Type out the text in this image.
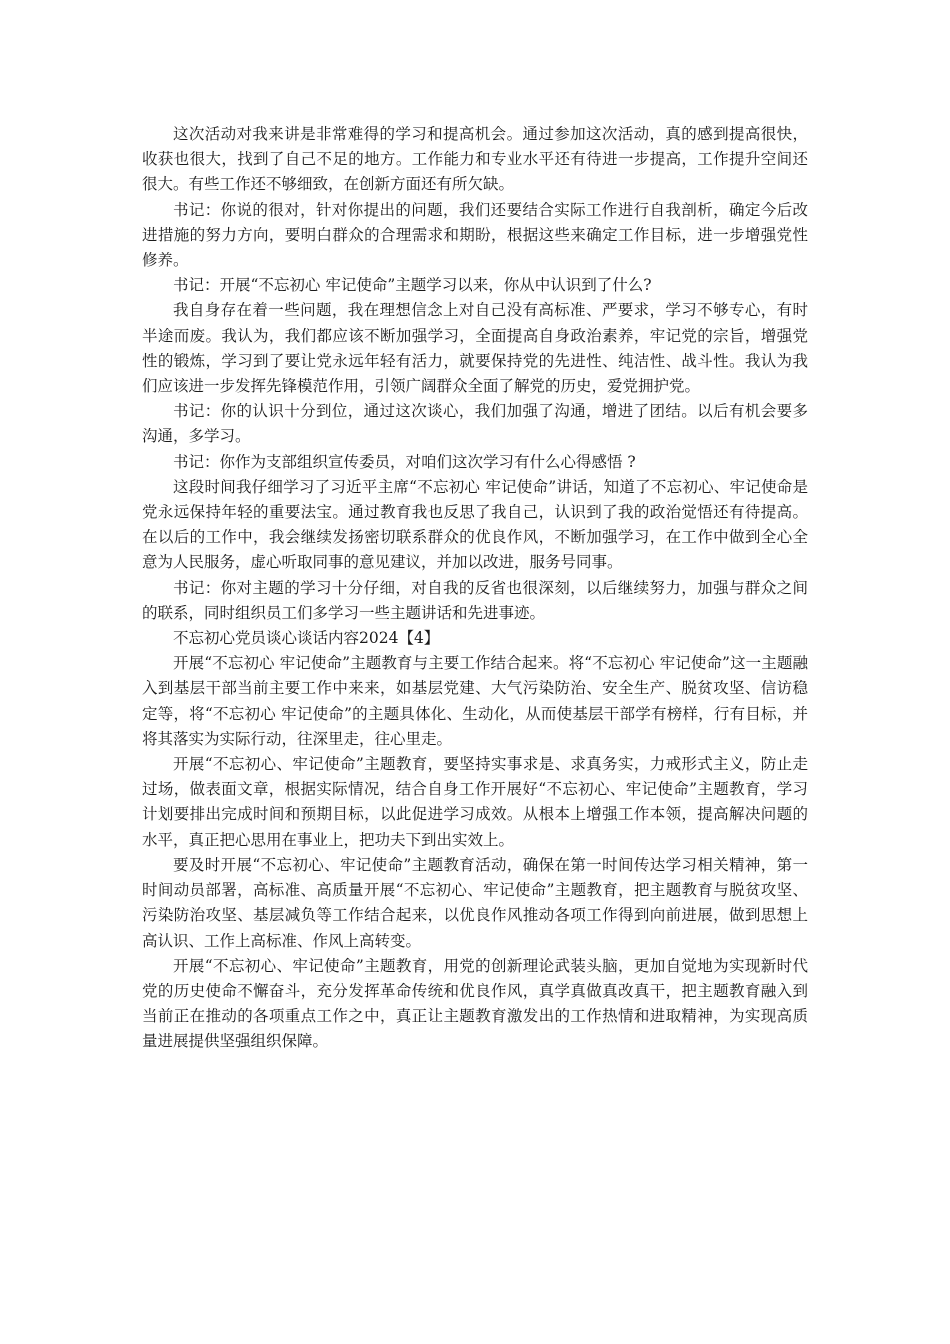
这次活动对我来讲是非常难得的学习和提高机会。通过参加这次活动，真的感到提高很快，收获也很大，找到了自己不足的地方。工作能力和专业水平还有待进一步提高，工作提升空间还很大。有些工作还不够细致，在创新方面还有所欠缺。

书记：你说的很对，针对你提出的问题，我们还要结合实际工作进行自我剖析，确定今后改进措施的努力方向，要明白群众的合理需求和期盼，根据这些来确定工作目标，进一步增强党性修养。

书记：开展“不忘初心 牢记使命”主题学习以来，你从中认识到了什么?

我自身存在着一些问题，我在理想信念上对自己没有高标准、严要求，学习不够专心，有时半途而废。我认为，我们都应该不断加强学习，全面提高自身政治素养，牢记党的宗旨，增强党性的锻炼，学习到了要让党永远年轻有活力，就要保持党的先进性、纯洁性、战斗性。我认为我们应该进一步发挥先锋模范作用，引领广阔群众全面了解党的历史，爱党拥护党。

书记：你的认识十分到位，通过这次谈心，我们加强了沟通，增进了团结。以后有机会要多沟通，多学习。

书记：你作为支部组织宣传委员，对咱们这次学习有什么心得感悟 ?

这段时间我仔细学习了习近平主席“不忘初心 牢记使命”讲话，知道了不忘初心、牢记使命是党永远保持年轻的重要法宝。通过教育我也反思了我自己，认识到了我的政治觉悟还有待提高。在以后的工作中，我会继续发扬密切联系群众的优良作风，不断加强学习，在工作中做到全心全意为人民服务，虚心听取同事的意见建议，并加以改进，服务号同事。

书记：你对主题的学习十分仔细，对自我的反省也很深刻，以后继续努力，加强与群众之间的联系，同时组织员工们多学习一些主题讲话和先进事迹。

不忘初心党员谈心谈话内容2024【4】

开展“不忘初心 牢记使命”主题教育与主要工作结合起来。将“不忘初心 牢记使命”这一主题融入到基层干部当前主要工作中来来，如基层党建、大气污染防治、安全生产、脱贫攻坚、信访稳定等，将“不忘初心 牢记使命”的主题具体化、生动化，从而使基层干部学有榜样，行有目标，并将其落实为实际行动，往深里走，往心里走。

开展“不忘初心、牢记使命”主题教育，要坚持实事求是、求真务实，力戒形式主义，防止走过场，做表面文章，根据实际情况，结合自身工作开展好“不忘初心、牢记使命”主题教育，学习计划要排出完成时间和预期目标，以此促进学习成效。从根本上增强工作本领，提高解决问题的水平，真正把心思用在事业上，把功夫下到出实效上。

要及时开展“不忘初心、牢记使命”主题教育活动，确保在第一时间传达学习相关精神，第一时间动员部署，高标准、高质量开展“不忘初心、牢记使命”主题教育，把主题教育与脱贫攻坚、污染防治攻坚、基层减负等工作结合起来，以优良作风推动各项工作得到向前进展，做到思想上高认识、工作上高标准、作风上高转变。

开展“不忘初心、牢记使命”主题教育，用党的创新理论武装头脑，更加自觉地为实现新时代党的历史使命不懈奋斗，充分发挥革命传统和优良作风，真学真做真改真干，把主题教育融入到当前正在推动的各项重点工作之中，真正让主题教育激发出的工作热情和进取精神，为实现高质量进展提供坚强组织保障。
